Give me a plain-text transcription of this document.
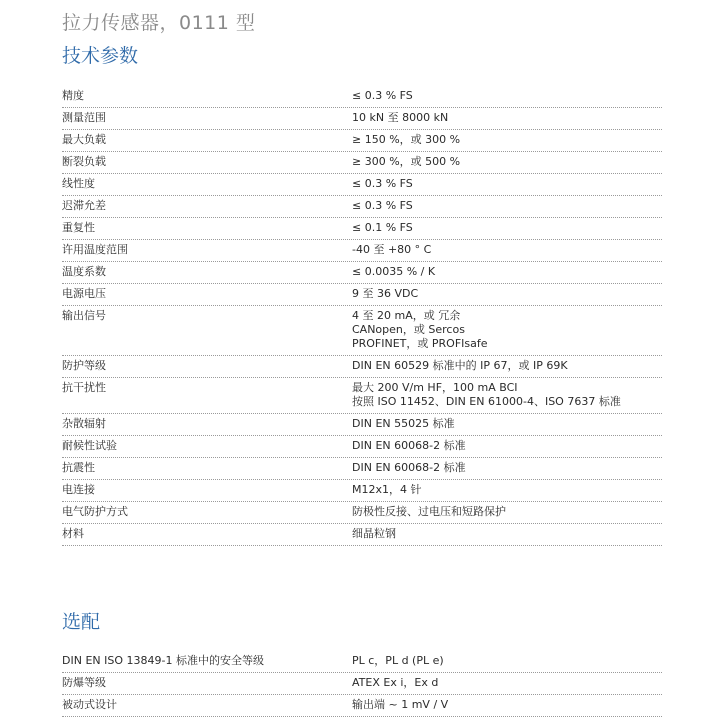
拉力传感器，0111 型
技术参数
精度	≤ 0.3 % FS
测量范围	10 kN 至 8000 kN
最大负载	≥ 150 %，或 300 %
断裂负载	≥ 300 %，或 500 %
线性度	≤ 0.3 % FS
迟滞允差	≤ 0.3 % FS
重复性	≤ 0.1 % FS
许用温度范围	-40 至 +80 ° C
温度系数	≤ 0.0035 % / K
电源电压	9 至 36 VDC
输出信号	4 至 20 mA，或 冗余
CANopen，或 Sercos
PROFINET，或 PROFIsafe
防护等级	DIN EN 60529 标准中的 IP 67，或 IP 69K
抗干扰性	最大 200 V/m HF，100 mA BCI
按照 ISO 11452、DIN EN 61000-4、ISO 7637 标准
杂散辐射	DIN EN 55025 标准
耐候性试验	DIN EN 60068-2 标准
抗震性	DIN EN 60068-2 标准
电连接	M12x1，4 针
电气防护方式	防极性反接、过电压和短路保护
材料	细晶粒钢
选配
DIN EN ISO 13849-1 标准中的安全等级	PL c，PL d (PL e)
防爆等级	ATEX Ex i，Ex d
被动式设计	输出端 ~ 1 mV / V
